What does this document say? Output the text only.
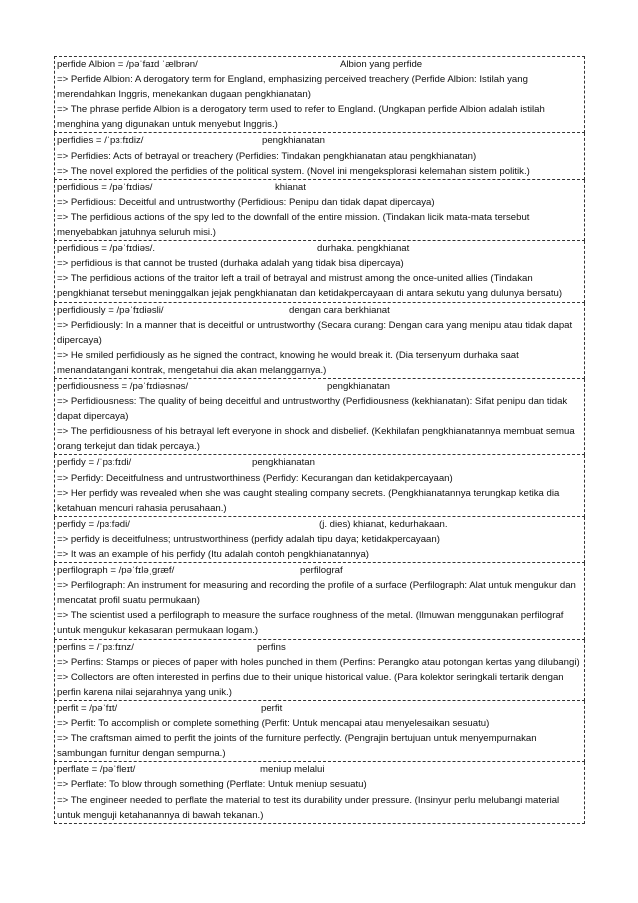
perfide Albion = /pəˈfaɪd ˈælbrən/	Albion yang perfide
=> Perfide Albion: A derogatory term for England, emphasizing perceived treachery (Perfide Albion: Istilah yang merendahkan Inggris, menekankan dugaan pengkhianatan)
=> The phrase perfide Albion is a derogatory term used to refer to England. (Ungkapan perfide Albion adalah istilah menghina yang digunakan untuk menyebut Inggris.)
perfidies = /ˈpɜːfɪdiz/	pengkhianatan
=> Perfidies: Acts of betrayal or treachery (Perfidies: Tindakan pengkhianatan atau pengkhianatan)
=> The novel explored the perfidies of the political system. (Novel ini mengeksplorasi kelemahan sistem politik.)
perfidious = /pəˈfɪdiəs/	khianat
=> Perfidious: Deceitful and untrustworthy (Perfidious: Penipu dan tidak dapat dipercaya)
=> The perfidious actions of the spy led to the downfall of the entire mission. (Tindakan licik mata-mata tersebut menyebabkan jatuhnya seluruh misi.)
perfidious = /pəˈfɪdiəs/.	durhaka. pengkhianat
=> perfidious is that cannot be trusted (durhaka adalah yang tidak bisa dipercaya)
=> The perfidious actions of the traitor left a trail of betrayal and mistrust among the once-united allies (Tindakan pengkhianat tersebut meninggalkan jejak pengkhianatan dan ketidakpercayaan di antara sekutu yang dulunya bersatu)
perfidiously = /pəˈfɪdiəsli/	dengan cara berkhianat
=> Perfidiously: In a manner that is deceitful or untrustworthy (Secara curang: Dengan cara yang menipu atau tidak dapat dipercaya)
=> He smiled perfidiously as he signed the contract, knowing he would break it. (Dia tersenyum durhaka saat menandatangani kontrak, mengetahui dia akan melanggarnya.)
perfidiousness = /pəˈfɪdiəsnəs/	pengkhianatan
=> Perfidiousness: The quality of being deceitful and untrustworthy (Perfidiousness (kekhianatan): Sifat penipu dan tidak dapat dipercaya)
=> The perfidiousness of his betrayal left everyone in shock and disbelief. (Kekhilafan pengkhianatannya membuat semua orang terkejut dan tidak percaya.)
perfidy = /ˈpɜːfɪdi/	pengkhianatan
=> Perfidy: Deceitfulness and untrustworthiness (Perfidy: Kecurangan dan ketidakpercayaan)
=> Her perfidy was revealed when she was caught stealing company secrets. (Pengkhianatannya terungkap ketika dia ketahuan mencuri rahasia perusahaan.)
perfidy = /pɜːfədi/	(j. dies) khianat, kedurhakaan.
=> perfidy is deceitfulness; untrustworthiness (perfidy adalah tipu daya; ketidakpercayaan)
=> It was an example of his perfidy (Itu adalah contoh pengkhianatannya)
perfilograph = /pəˈfɪləˌɡræf/	perfilograf
=> Perfilograph: An instrument for measuring and recording the profile of a surface (Perfilograph: Alat untuk mengukur dan mencatat profil suatu permukaan)
=> The scientist used a perfilograph to measure the surface roughness of the metal. (Ilmuwan menggunakan perfilograf untuk mengukur kekasaran permukaan logam.)
perfins = /ˈpɜːfɪnz/	perfins
=> Perfins: Stamps or pieces of paper with holes punched in them (Perfins: Perangko atau potongan kertas yang dilubangi)
=> Collectors are often interested in perfins due to their unique historical value. (Para kolektor seringkali tertarik dengan perfin karena nilai sejarahnya yang unik.)
perfit = /pəˈfɪt/	perfit
=> Perfit: To accomplish or complete something (Perfit: Untuk mencapai atau menyelesaikan sesuatu)
=> The craftsman aimed to perfit the joints of the furniture perfectly. (Pengrajin bertujuan untuk menyempurnakan sambungan furnitur dengan sempurna.)
perflate = /pəˈfleɪt/	meniup melalui
=> Perflate: To blow through something (Perflate: Untuk meniup sesuatu)
=> The engineer needed to perflate the material to test its durability under pressure. (Insinyur perlu melubangi material untuk menguji ketahanannya di bawah tekanan.)
